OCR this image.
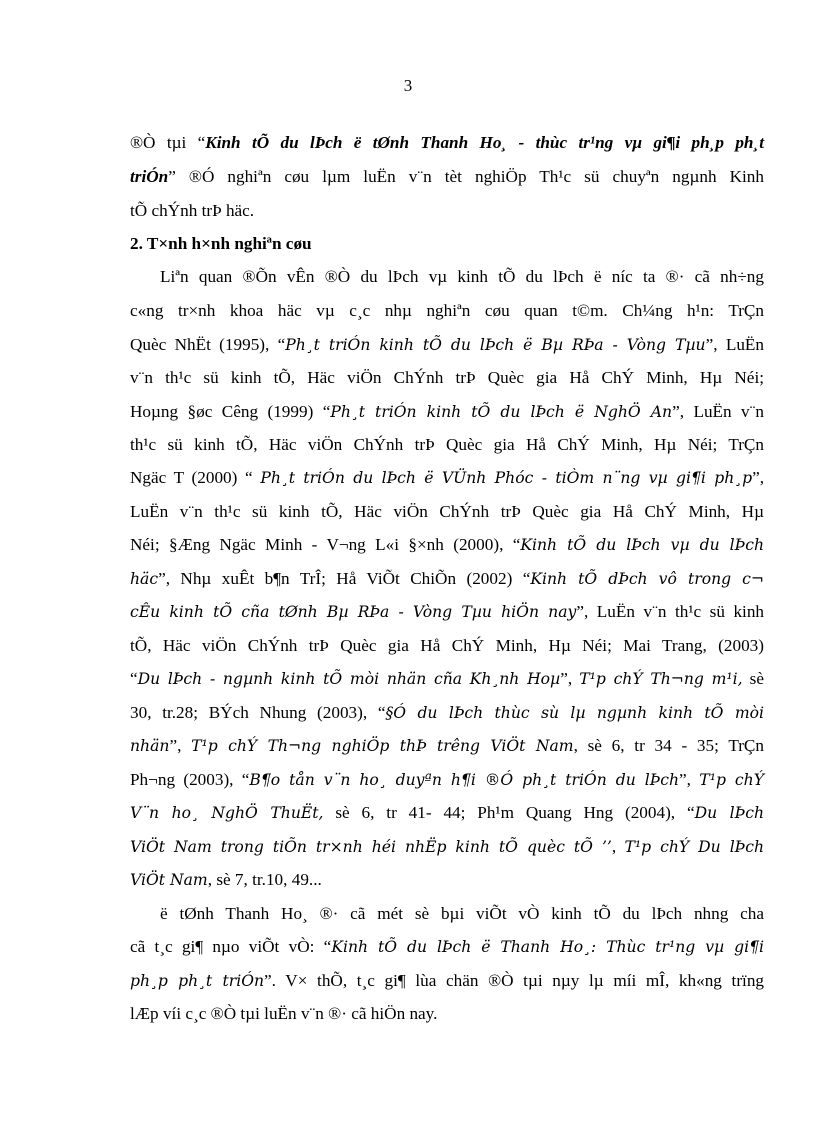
3
®Ò tµi “Kinh tÕ du lÞch ë tØnh Thanh Ho¸ - thùc tr¹ng vµ gi¶i ph¸p ph¸t
triÓn” ®Ó nghiªn cøu lµm luËn v¨n tèt nghiÖp Th¹c sü chuyªn ngµnh Kinh
tÕ chÝnh trÞ häc.
2. T×nh h×nh nghiªn cøu
Liªn quan ®Õn vÊn ®Ò du lÞch vµ kinh tÕ du lÞch ë níc ta ®· cã nh÷ng
c«ng tr×nh khoa häc vµ c¸c nhµ nghiªn cøu quan t©m. Ch¼ng h¹n: TrÇn
Quèc NhËt (1995), “Ph¸t triÓn kinh tÕ du lÞch ë Bµ RÞa - Vòng Tµu”, LuËn
v¨n th¹c sü kinh tÕ, Häc viÖn ChÝnh trÞ Quèc gia Hå ChÝ Minh, Hµ Néi;
Hoµng §øc Cêng (1999) “Ph¸t triÓn kinh tÕ du lÞch ë NghÖ An”, LuËn v¨n
th¹c sü kinh tÕ, Häc viÖn ChÝnh trÞ Quèc gia Hå ChÝ Minh, Hµ Néi; TrÇn
Ngäc T (2000) “ Ph¸t triÓn du lÞch ë VÜnh Phóc - tiÒm n¨ng vµ gi¶i ph¸p”,
LuËn v¨n th¹c sü kinh tÕ, Häc viÖn ChÝnh trÞ Quèc gia Hå ChÝ Minh, Hµ
Néi; §Æng Ngäc Minh - V¬ng L«i §×nh (2000), “Kinh tÕ du lÞch vµ du lÞch
häc”, Nhµ xuÊt b¶n TrÎ; Hå ViÕt ChiÕn (2002) “Kinh tÕ dÞch vô trong c¬
cÊu kinh tÕ cña tØnh Bµ RÞa - Vòng Tµu hiÖn nay”, LuËn v¨n th¹c sü kinh
tÕ, Häc viÖn ChÝnh trÞ Quèc gia Hå ChÝ Minh, Hµ Néi; Mai Trang, (2003)
“Du lÞch - ngµnh kinh tÕ mòi nhän cña Kh¸nh Hoµ”, T¹p chÝ Th¬ng m¹i, sè
30, tr.28; BÝch Nhung (2003), “§Ó du lÞch thùc sù lµ ngµnh kinh tÕ mòi
nhän”, T¹p chÝ Th¬ng nghiÖp thÞ trêng ViÖt Nam, sè 6, tr 34 - 35; TrÇn
Ph¬ng (2003), “B¶o tån v¨n ho¸ duyªn h¶i ®Ó ph¸t triÓn du lÞch”, T¹p chÝ
V¨n ho¸ NghÖ ThuËt, sè 6, tr 41- 44; Ph¹m Quang Hng (2004), “Du lÞch
ViÖt Nam trong tiÕn tr×nh héi nhËp kinh tÕ quèc tÕ ’’, T¹p chÝ Du lÞch
ViÖt Nam, sè 7, tr.10, 49...
ë tØnh Thanh Ho¸ ®· cã mét sè bµi viÕt vÒ kinh tÕ du lÞch nhng cha
cã t¸c gi¶ nµo viÕt vÒ: “Kinh tÕ du lÞch ë Thanh Ho¸: Thùc tr¹ng vµ gi¶i
ph¸p ph¸t triÓn”. V× thÕ, t¸c gi¶ lùa chän ®Ò tµi nµy lµ míi mÎ, kh«ng trïng
lÆp víi c¸c ®Ò tµi luËn v¨n ®· cã hiÖn nay.
